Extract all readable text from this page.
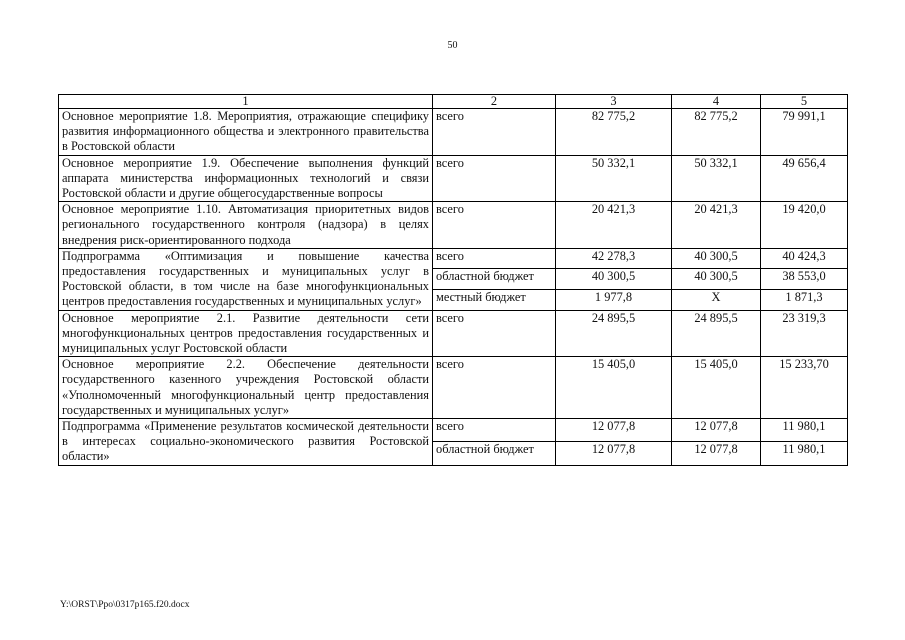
50
1	2	3	4	5
Основное мероприятие 1.8. Мероприятия, отражающие специфику развития информационного общества и электронного правительства в Ростовской области	всего	82 775,2	82 775,2	79 991,1
Основное мероприятие 1.9. Обеспечение выполнения функций аппарата министерства информационных технологий и связи Ростовской области и другие общегосударственные вопросы	всего	50 332,1	50 332,1	49 656,4
Основное мероприятие 1.10. Автоматизация приоритетных видов регионального государственного контроля (надзора) в целях внедрения риск-ориентированного подхода	всего	20 421,3	20 421,3	19 420,0
Подпрограмма «Оптимизация и повышение качества предоставления государственных и муниципальных услуг в Ростовской области, в том числе на базе многофункциональных центров предоставления государственных и муниципальных услуг»	всего	42 278,3	40 300,5	40 424,3
	областной бюджет	40 300,5	40 300,5	38 553,0
	местный бюджет	1 977,8	X	1 871,3
Основное мероприятие 2.1. Развитие деятельности сети многофункциональных центров предоставления государственных и муниципальных услуг Ростовской области	всего	24 895,5	24 895,5	23 319,3
Основное мероприятие 2.2. Обеспечение деятельности государственного казенного учреждения Ростовской области «Уполномоченный многофункциональный центр предоставления государственных и муниципальных услуг»	всего	15 405,0	15 405,0	15 233,70
Подпрограмма «Применение результатов космической деятельности в интересах социально-экономического развития Ростовской области»	всего	12 077,8	12 077,8	11 980,1
	областной бюджет	12 077,8	12 077,8	11 980,1
Y:\ORST\Ppo\0317p165.f20.docx
